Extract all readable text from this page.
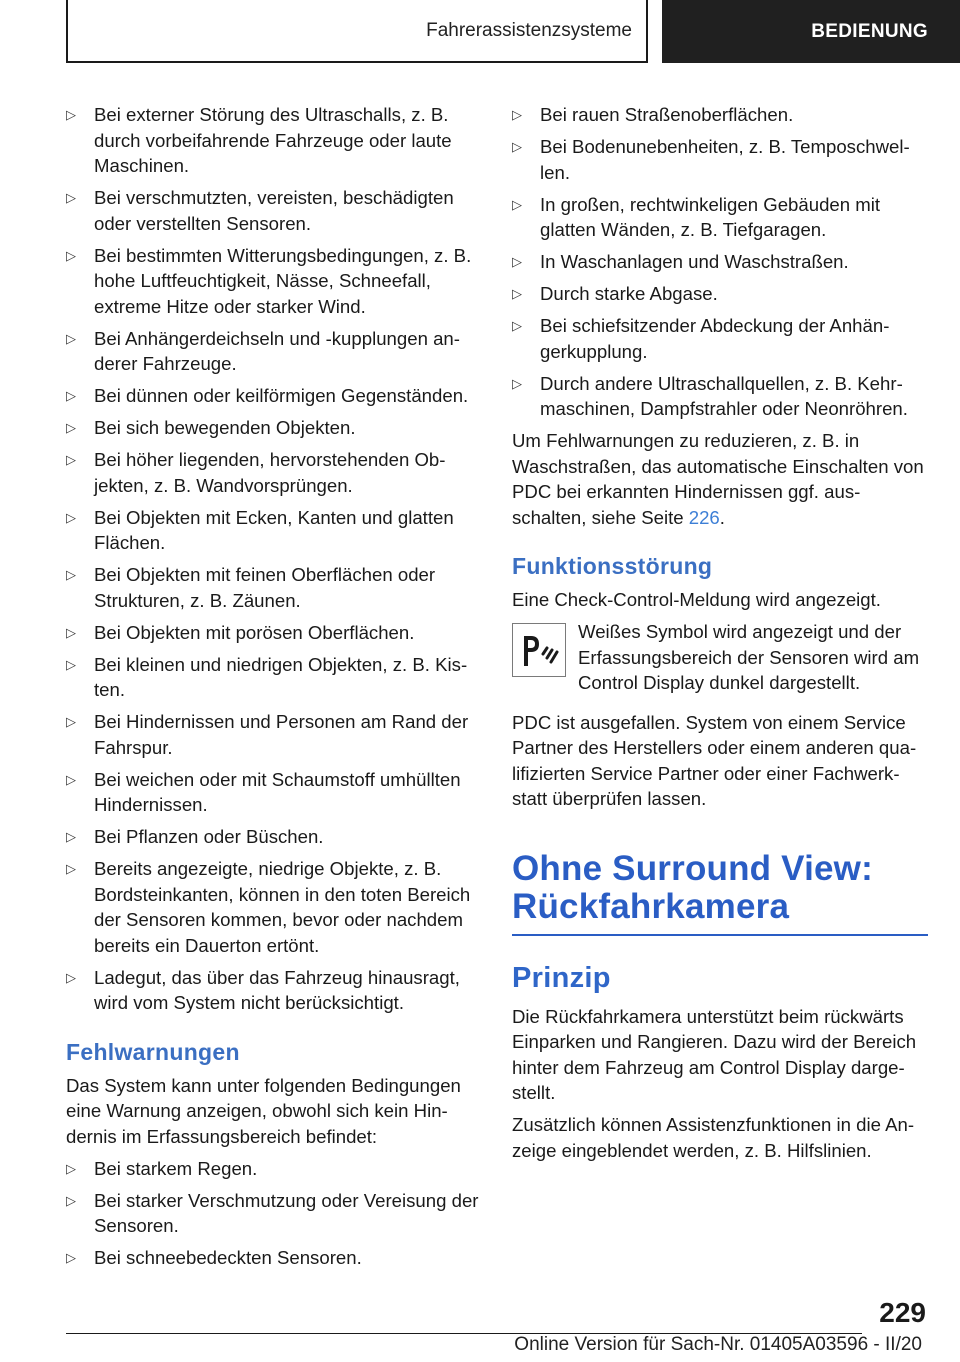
Fahrerassistenzsysteme	BEDIENUNG
▷ Bei externer Störung des Ultraschalls, z. B. durch vorbeifahrende Fahrzeuge oder laute Maschinen.
▷ Bei verschmutzten, vereisten, beschädigten oder verstellten Sensoren.
▷ Bei bestimmten Witterungsbedingungen, z. B. hohe Luftfeuchtigkeit, Nässe, Schneefall, extreme Hitze oder starker Wind.
▷ Bei Anhängerdeichseln und -kupplungen anderer Fahrzeuge.
▷ Bei dünnen oder keilförmigen Gegenständen.
▷ Bei sich bewegenden Objekten.
▷ Bei höher liegenden, hervorstehenden Objekten, z. B. Wandvorsprüngen.
▷ Bei Objekten mit Ecken, Kanten und glatten Flächen.
▷ Bei Objekten mit feinen Oberflächen oder Strukturen, z. B. Zäunen.
▷ Bei Objekten mit porösen Oberflächen.
▷ Bei kleinen und niedrigen Objekten, z. B. Kisten.
▷ Bei Hindernissen und Personen am Rand der Fahrspur.
▷ Bei weichen oder mit Schaumstoff umhüllten Hindernissen.
▷ Bei Pflanzen oder Büschen.
▷ Bereits angezeigte, niedrige Objekte, z. B. Bordsteinkanten, können in den toten Bereich der Sensoren kommen, bevor oder nachdem bereits ein Dauerton ertönt.
▷ Ladegut, das über das Fahrzeug hinausragt, wird vom System nicht berücksichtigt.
Fehlwarnungen

Das System kann unter folgenden Bedingungen eine Warnung anzeigen, obwohl sich kein Hindernis im Erfassungsbereich befindet:

▷ Bei starkem Regen.
▷ Bei starker Verschmutzung oder Vereisung der Sensoren.
▷ Bei schneebedeckten Sensoren.
▷ Bei rauen Straßenoberflächen.
▷ Bei Bodenunebenheiten, z. B. Temposchwellen.
▷ In großen, rechtwinkeligen Gebäuden mit glatten Wänden, z. B. Tiefgaragen.
▷ In Waschanlagen und Waschstraßen.
▷ Durch starke Abgase.
▷ Bei schiefsitzender Abdeckung der Anhängerkupplung.
▷ Durch andere Ultraschallquellen, z. B. Kehrmaschinen, Dampfstrahler oder Neonröhren.

Um Fehlwarnungen zu reduzieren, z. B. in Waschstraßen, das automatische Einschalten von PDC bei erkannten Hindernissen ggf. ausschalten, siehe Seite 226.

Funktionsstörung

Eine Check-Control-Meldung wird angezeigt.

Weißes Symbol wird angezeigt und der Erfassungsbereich der Sensoren wird am Control Display dunkel dargestellt.

PDC ist ausgefallen. System von einem Service Partner des Herstellers oder einem anderen qualifizierten Service Partner oder einer Fachwerkstatt überprüfen lassen.

Ohne Surround View:
Rückfahrkamera
Prinzip

Die Rückfahrkamera unterstützt beim rückwärts Einparken und Rangieren. Dazu wird der Bereich hinter dem Fahrzeug am Control Display dargestellt.

Zusätzlich können Assistenzfunktionen in die Anzeige eingeblendet werden, z. B. Hilfslinien.

229
Online Version für Sach-Nr. 01405A03596 - II/20
